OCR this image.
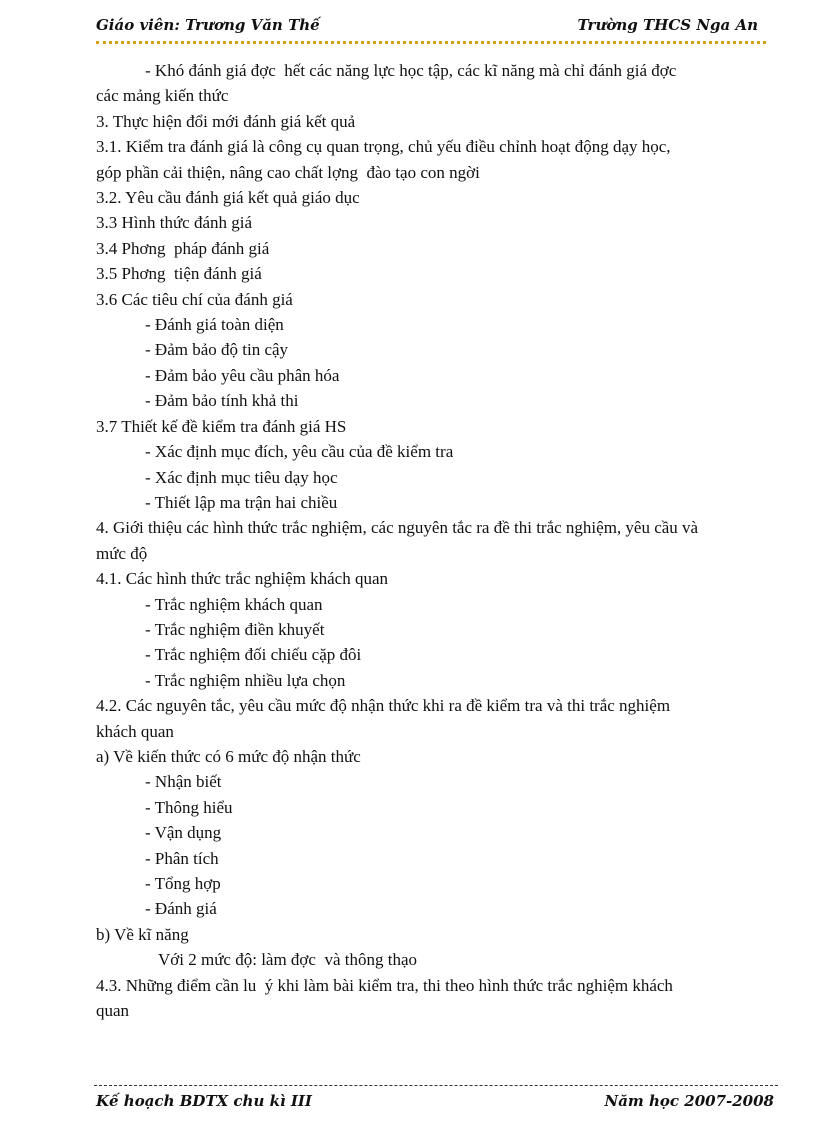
Giáo viên: Trương Văn Thế	Trường THCS Nga An

- Khó đánh giá đợc  hết các năng lực học tập, các kĩ năng mà chỉ đánh giá đợc

các mảng kiến thức

3. Thực hiện đổi mới đánh giá kết quả

3.1. Kiểm tra đánh giá là công cụ quan trọng, chủ yếu điều chỉnh hoạt động dạy học,

góp phần cải thiện, nâng cao chất lợng  đào tạo con ngời

3.2. Yêu cầu đánh giá kết quả giáo dục

3.3 Hình thức đánh giá

3.4 Phơng  pháp đánh giá

3.5 Phơng  tiện đánh giá

3.6 Các tiêu chí của đánh giá

- Đánh giá toàn diện

- Đảm bảo độ tin cậy

- Đảm bảo yêu cầu phân hóa

- Đảm bảo tính khả thi

3.7 Thiết kế đề kiểm tra đánh giá HS

- Xác định mục đích, yêu cầu của đề kiểm tra

- Xác định mục tiêu dạy học

- Thiết lập ma trận hai chiều

4. Giới thiệu các hình thức trắc nghiệm, các nguyên tắc ra đề thi trắc nghiệm, yêu cầu và

mức độ

4.1. Các hình thức trắc nghiệm khách quan

- Trắc nghiệm khách quan

- Trắc nghiệm điền khuyết

- Trắc nghiệm đối chiếu cặp đôi

- Trắc nghiệm nhiều lựa chọn

4.2. Các nguyên tắc, yêu cầu mức độ nhận thức khi ra đề kiểm tra và thi trắc nghiệm

khách quan

a) Về kiến thức có 6 mức độ nhận thức

- Nhận biết

- Thông hiểu

- Vận dụng

- Phân tích

- Tổng hợp

- Đánh giá

b) Về kĩ năng

Với 2 mức độ: làm đợc  và thông thạo

4.3. Những điểm cần lu  ý khi làm bài kiểm tra, thi theo hình thức trắc nghiệm khách

quan

Kế hoạch BDTX chu kì III	Năm học 2007-2008
